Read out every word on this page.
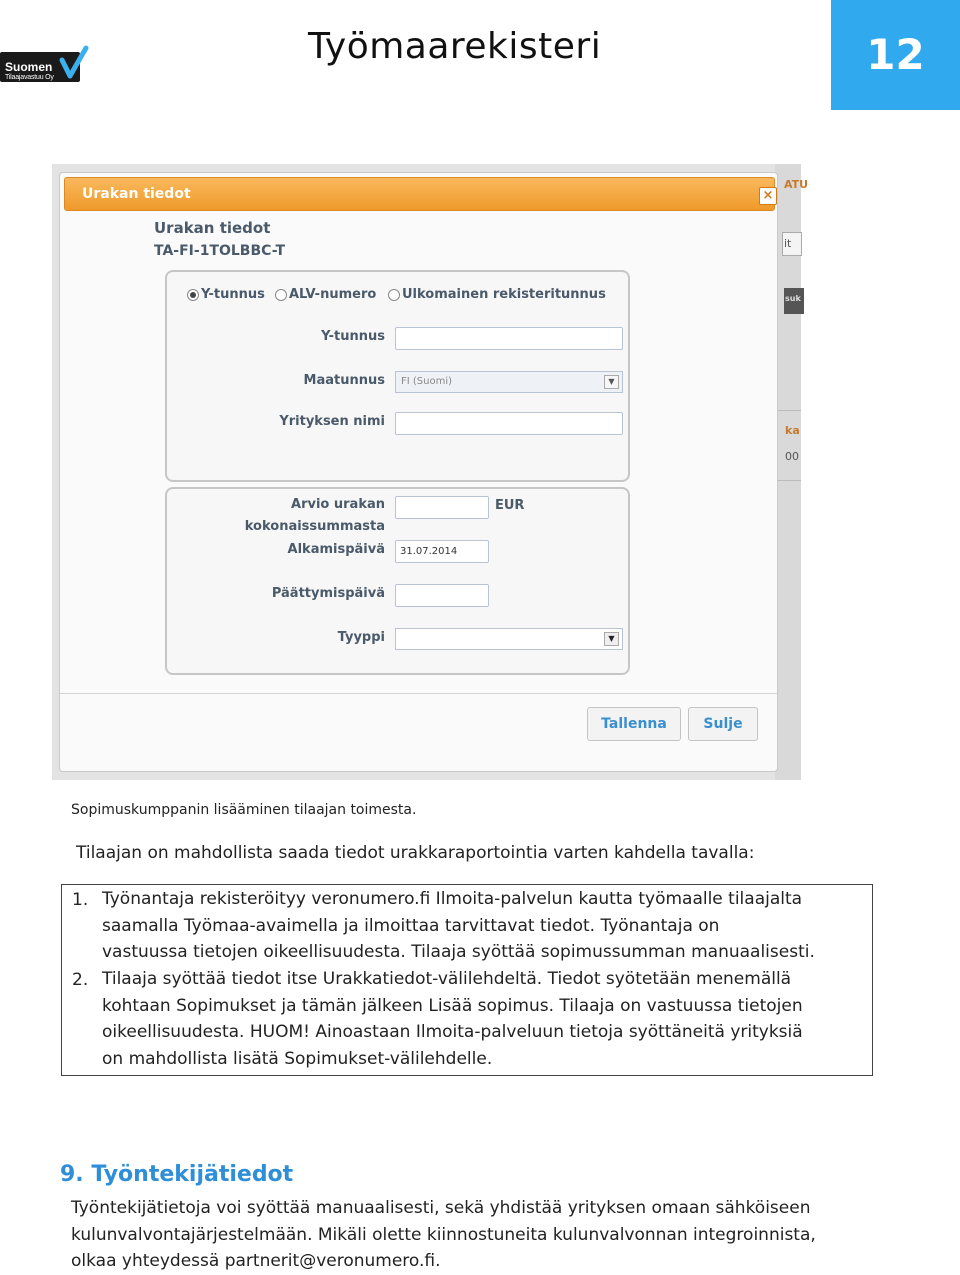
Suomen
Tilaajavastuu Oy
Työmaarekisteri	12
ATU
it
suk
ka
00
Urakan tiedot	×
Urakan tiedot
TA-FI-1TOLBBC-T
Y-tunnus ALV-numero Ulkomainen rekisteritunnus
Y-tunnus
Maatunnus	FI (Suomi)	▼
Yrityksen nimi
Arvio urakan
kokonaissummasta
EUR
Alkamispäivä	31.07.2014
Päättymispäivä
Tyyppi	▼
Tallenna	Sulje
Sopimuskumppanin lisääminen tilaajan toimesta.
Tilaajan on mahdollista saada tiedot urakkaraportointia varten kahdella tavalla:
1. Työnantaja rekisteröityy veronumero.fi Ilmoita-palvelun kautta työmaalle tilaajalta
saamalla Työmaa-avaimella ja ilmoittaa tarvittavat tiedot. Työnantaja on
vastuussa tietojen oikeellisuudesta. Tilaaja syöttää sopimussumman manuaalisesti.
2. Tilaaja syöttää tiedot itse Urakkatiedot-välilehdeltä. Tiedot syötetään menemällä
kohtaan Sopimukset ja tämän jälkeen Lisää sopimus. Tilaaja on vastuussa tietojen
oikeellisuudesta. HUOM! Ainoastaan Ilmoita-palveluun tietoja syöttäneitä yrityksiä
on mahdollista lisätä Sopimukset-välilehdelle.
9. Työntekijätiedot
Työntekijätietoja voi syöttää manuaalisesti, sekä yhdistää yrityksen omaan sähköiseen
kulunvalvontajärjestelmään. Mikäli olette kiinnostuneita kulunvalvonnan integroinnista,
olkaa yhteydessä partnerit@veronumero.fi.
